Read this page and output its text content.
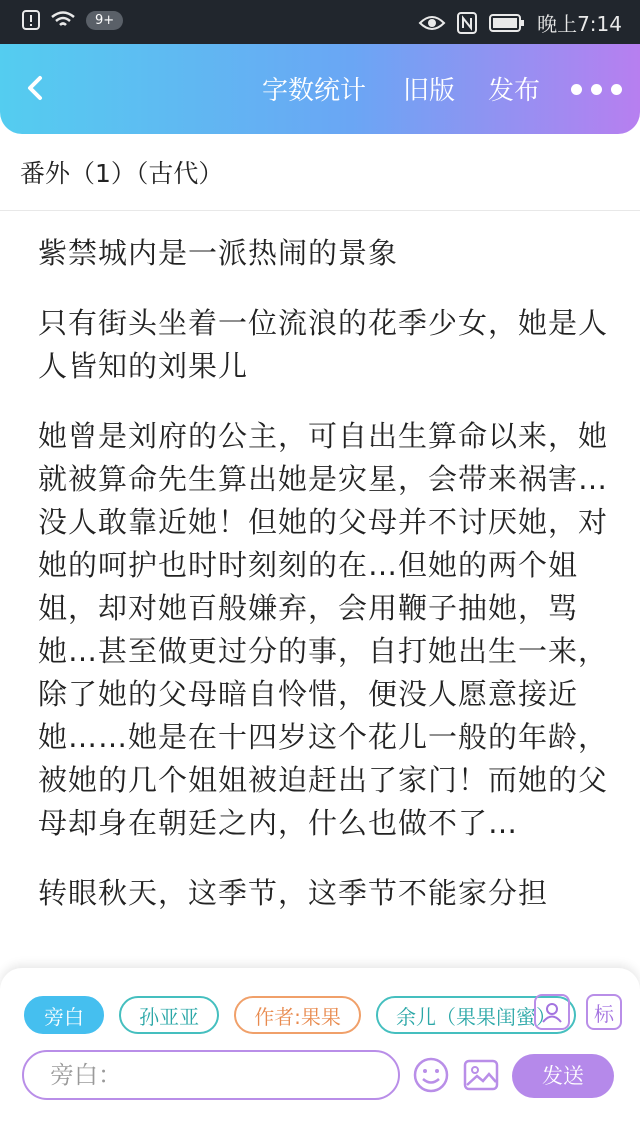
9+	晚上7:14
字数统计 旧版 发布
番外（1）（古代）

紫禁城内是一派热闹的景象

只有街头坐着一位流浪的花季少女，她是人人皆知的刘果儿

她曾是刘府的公主，可自出生算命以来，她就被算命先生算出她是灾星，会带来祸害…没人敢靠近她！但她的父母并不讨厌她，对她的呵护也时时刻刻的在…但她的两个姐姐，却对她百般嫌弃，会用鞭子抽她，骂她…甚至做更过分的事，自打她出生一来，除了她的父母暗自怜惜，便没人愿意接近她……她是在十四岁这个花儿一般的年龄，被她的几个姐姐被迫赶出了家门！而她的父母却身在朝廷之内，什么也做不了…

转眼秋天，这季节，这季节不能家分担

旁白	孙亚亚	作者:果果	余儿（果果闺蜜）	标
旁白：	发送
